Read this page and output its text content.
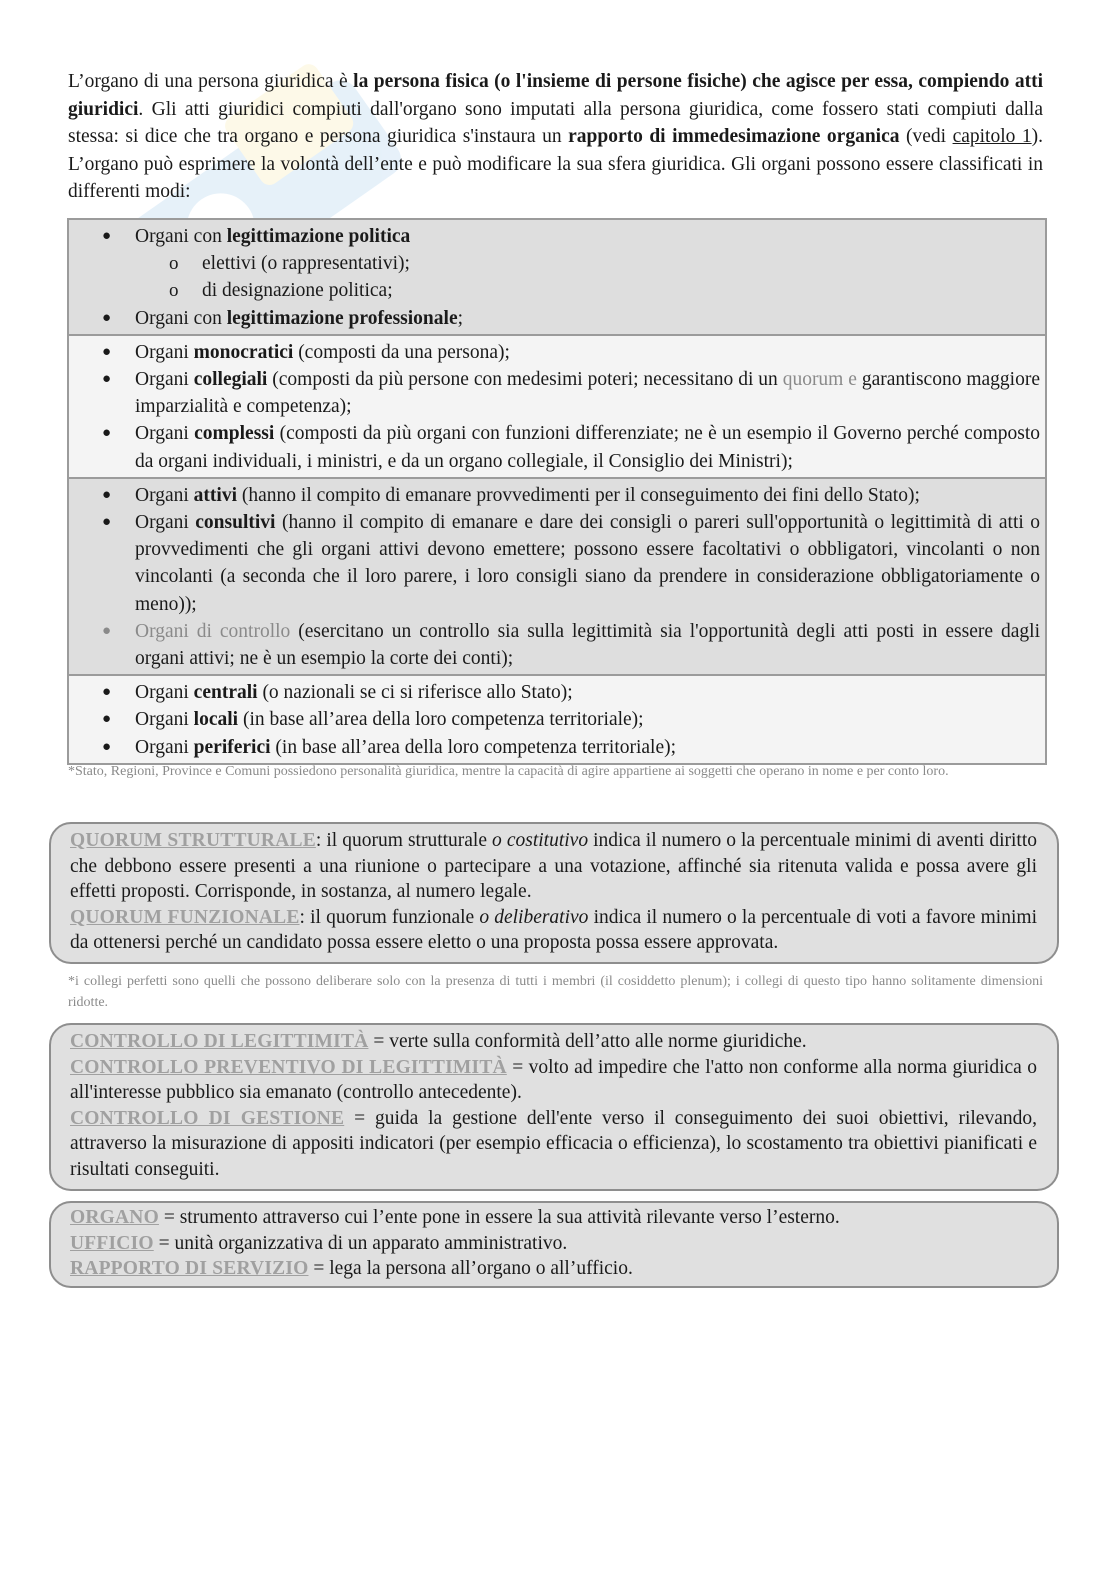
L’organo di una persona giuridica è la persona fisica (o l'insieme di persone fisiche) che agisce per essa, compiendo atti giuridici. Gli atti giuridici compiuti dall'organo sono imputati alla persona giuridica, come fossero stati compiuti dalla stessa: si dice che tra organo e persona giuridica s'instaura un rapporto di immedesimazione organica (vedi capitolo 1). L’organo può esprimere la volontà dell’ente e può modificare la sua sfera giuridica. Gli organi possono essere classificati in differenti modi:
● Organi con legittimazione politica
o elettivi (o rappresentativi);
o di designazione politica;
● Organi con legittimazione professionale;
● Organi monocratici (composti da una persona);
● Organi collegiali (composti da più persone con medesimi poteri; necessitano di un quorum e garantiscono maggiore imparzialità e competenza);
● Organi complessi (composti da più organi con funzioni differenziate; ne è un esempio il Governo perché composto da organi individuali, i ministri, e da un organo collegiale, il Consiglio dei Ministri);
● Organi attivi (hanno il compito di emanare provvedimenti per il conseguimento dei fini dello Stato);
● Organi consultivi (hanno il compito di emanare e dare dei consigli o pareri sull'opportunità o legittimità di atti o provvedimenti che gli organi attivi devono emettere; possono essere facoltativi o obbligatori, vincolanti o non vincolanti (a seconda che il loro parere, i loro consigli siano da prendere in considerazione obbligatoriamente o meno));
● Organi di controllo (esercitano un controllo sia sulla legittimità sia l'opportunità degli atti posti in essere dagli organi attivi; ne è un esempio la corte dei conti);
● Organi centrali (o nazionali se ci si riferisce allo Stato);
● Organi locali (in base all’area della loro competenza territoriale);
● Organi periferici (in base all’area della loro competenza territoriale);
*Stato, Regioni, Province e Comuni possiedono personalità giuridica, mentre la capacità di agire appartiene ai soggetti che operano in nome e per conto loro.
QUORUM STRUTTURALE: il quorum strutturale o costitutivo indica il numero o la percentuale minimi di aventi diritto che debbono essere presenti a una riunione o partecipare a una votazione, affinché sia ritenuta valida e possa avere gli effetti proposti. Corrisponde, in sostanza, al numero legale.
QUORUM FUNZIONALE: il quorum funzionale o deliberativo indica il numero o la percentuale di voti a favore minimi da ottenersi perché un candidato possa essere eletto o una proposta possa essere approvata.
*i collegi perfetti sono quelli che possono deliberare solo con la presenza di tutti i membri (il cosiddetto plenum); i collegi di questo tipo hanno solitamente dimensioni ridotte.
CONTROLLO DI LEGITTIMITÀ = verte sulla conformità dell’atto alle norme giuridiche.
CONTROLLO PREVENTIVO DI LEGITTIMITÀ = volto ad impedire che l'atto non conforme alla norma giuridica o all'interesse pubblico sia emanato (controllo antecedente).
CONTROLLO DI GESTIONE = guida la gestione dell'ente verso il conseguimento dei suoi obiettivi, rilevando, attraverso la misurazione di appositi indicatori (per esempio efficacia o efficienza), lo scostamento tra obiettivi pianificati e risultati conseguiti.
ORGANO = strumento attraverso cui l’ente pone in essere la sua attività rilevante verso l’esterno.
UFFICIO = unità organizzativa di un apparato amministrativo.
RAPPORTO DI SERVIZIO = lega la persona all’organo o all’ufficio.
